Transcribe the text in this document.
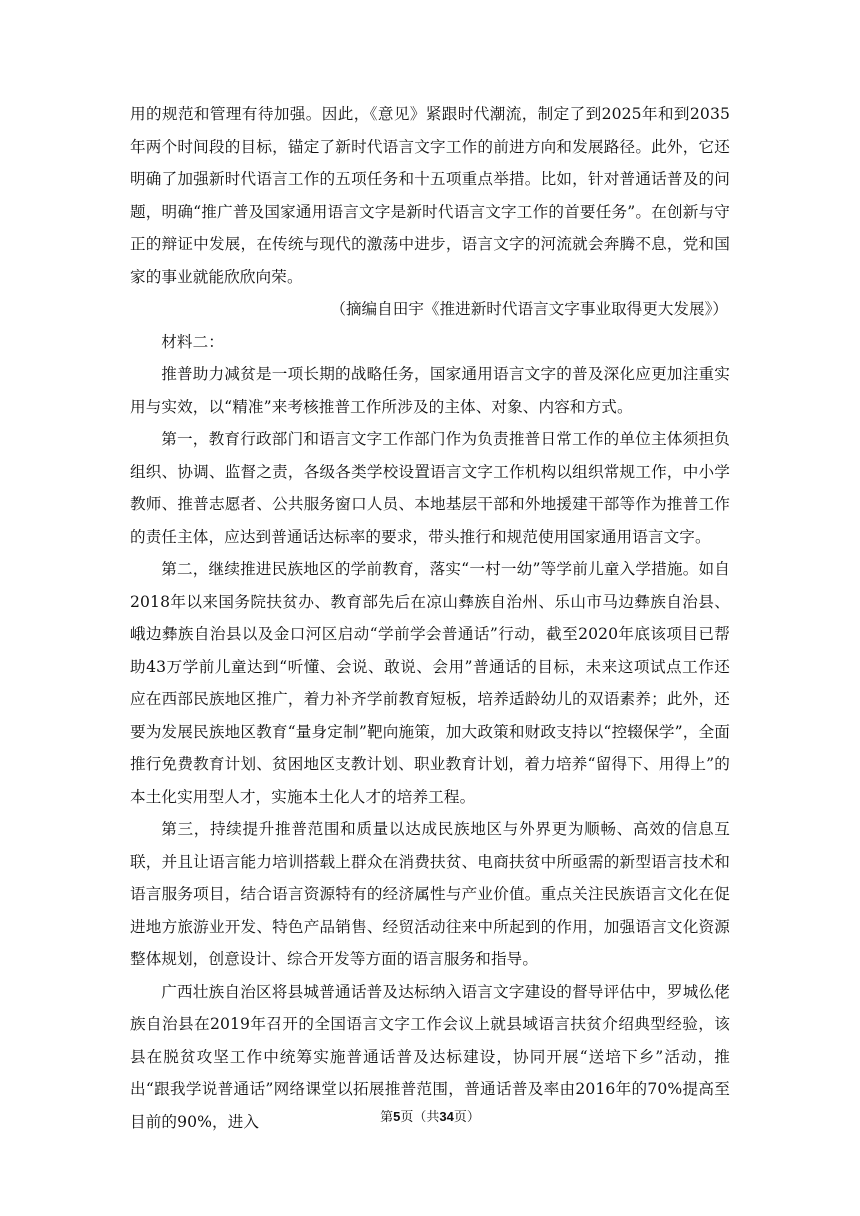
用的规范和管理有待加强。因此，《意见》紧跟时代潮流，制定了到2025年和到2035年两个时间段的目标，锚定了新时代语言文字工作的前进方向和发展路径。此外，它还明确了加强新时代语言工作的五项任务和十五项重点举措。比如，针对普通话普及的问题，明确“推广普及国家通用语言文字是新时代语言文字工作的首要任务”。在创新与守正的辩证中发展，在传统与现代的激荡中进步，语言文字的河流就会奔腾不息，党和国家的事业就能欣欣向荣。

（摘编自田宇《推进新时代语言文字事业取得更大发展》）

材料二：

推普助力减贫是一项长期的战略任务，国家通用语言文字的普及深化应更加注重实用与实效，以“精准”来考核推普工作所涉及的主体、对象、内容和方式。

第一，教育行政部门和语言文字工作部门作为负责推普日常工作的单位主体须担负组织、协调、监督之责，各级各类学校设置语言文字工作机构以组织常规工作，中小学教师、推普志愿者、公共服务窗口人员、本地基层干部和外地援建干部等作为推普工作的责任主体，应达到普通话达标率的要求，带头推行和规范使用国家通用语言文字。

第二，继续推进民族地区的学前教育，落实“一村一幼”等学前儿童入学措施。如自2018年以来国务院扶贫办、教育部先后在凉山彝族自治州、乐山市马边彝族自治县、峨边彝族自治县以及金口河区启动“学前学会普通话”行动，截至2020年底该项目已帮助43万学前儿童达到“听懂、会说、敢说、会用”普通话的目标，未来这项试点工作还应在西部民族地区推广，着力补齐学前教育短板，培养适龄幼儿的双语素养；此外，还要为发展民族地区教育“量身定制”靶向施策，加大政策和财政支持以“控辍保学”，全面推行免费教育计划、贫困地区支教计划、职业教育计划，着力培养“留得下、用得上”的本土化实用型人才，实施本土化人才的培养工程。

第三，持续提升推普范围和质量以达成民族地区与外界更为顺畅、高效的信息互联，并且让语言能力培训搭载上群众在消费扶贫、电商扶贫中所亟需的新型语言技术和语言服务项目，结合语言资源特有的经济属性与产业价值。重点关注民族语言文化在促进地方旅游业开发、特色产品销售、经贸活动往来中所起到的作用，加强语言文化资源整体规划，创意设计、综合开发等方面的语言服务和指导。

广西壮族自治区将县城普通话普及达标纳入语言文字建设的督导评估中，罗城仫佬族自治县在2019年召开的全国语言文字工作会议上就县域语言扶贫介绍典型经验，该县在脱贫攻坚工作中统筹实施普通话普及达标建设，协同开展“送培下乡”活动，推出“跟我学说普通话”网络课堂以拓展推普范围，普通话普及率由2016年的70%提高至目前的90%，进入	第5页（共34页）
